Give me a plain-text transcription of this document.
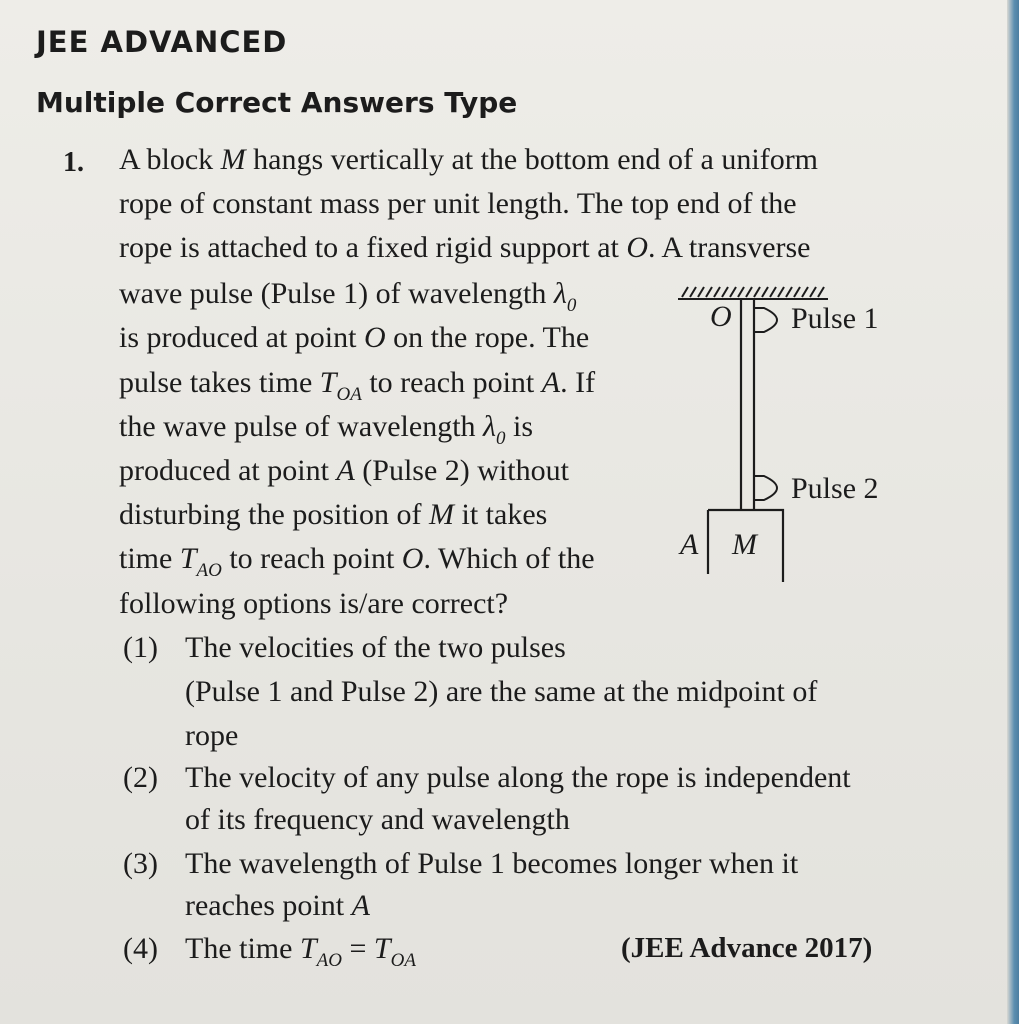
JEE ADVANCED
Multiple Correct Answers Type
1. A block M hangs vertically at the bottom end of a uniform
rope of constant mass per unit length. The top end of the
rope is attached to a fixed rigid support at O. A transverse
wave pulse (Pulse 1) of wavelength $\lambda_0$
is produced at point O on the rope. The
pulse takes time $T_{OA}$ to reach point A. If
the wave pulse of wavelength $\lambda_0$ is
produced at point A (Pulse 2) without
disturbing the position of M it takes
time $T_{AO}$ to reach point O. Which of the
following options is/are correct?
O Pulse 1
Pulse 2
A M
(1) The velocities of the two pulses
(Pulse 1 and Pulse 2) are the same at the midpoint of
rope
(2) The velocity of any pulse along the rope is independent
of its frequency and wavelength
(3) The wavelength of Pulse 1 becomes longer when it
reaches point A
(4) The time $T_{AO} = T_{OA}$	(JEE Advance 2017)
